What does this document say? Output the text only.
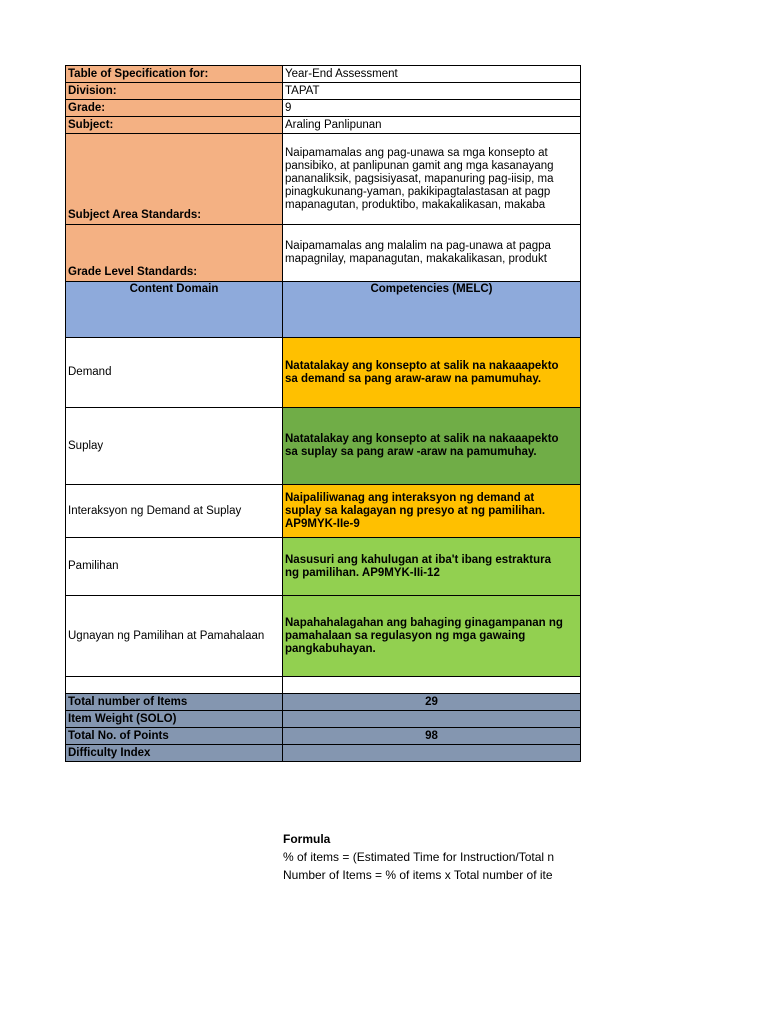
Table of Specification for:	Year-End Assessment
Division:	TAPAT
Grade:	9
Subject:	Araling Panlipunan
Subject Area Standards:	Naipamamalas ang pag-unawa sa mga konsepto at
pansibiko, at panlipunan gamit ang mga kasanayang
pananaliksik, pagsisiyasat, mapanuring pag-iisip, ma
pinagkukunang-yaman, pakikipagtalastasan at pagp
mapanagutan, produktibo, makakalikasan, makaba

Grade Level Standards:	Naipamamalas ang malalim na pag-unawa at pagpa
mapagnilay, mapanagutan, makakalikasan, produkt

Content Domain	Competencies (MELC)
Demand	Natatalakay ang konsepto at salik na nakaaapekto
sa demand sa pang araw-araw na pamumuhay.

Suplay	Natatalakay ang konsepto at salik na nakaaapekto
sa suplay sa pang araw -araw na pamumuhay.

Interaksyon ng Demand at Suplay	Naipaliliwanag ang interaksyon ng demand at
suplay sa kalagayan ng presyo at ng pamilihan.
AP9MYK-IIe-9

Pamilihan	Nasusuri ang kahulugan at iba't ibang estraktura
ng pamilihan. AP9MYK-IIi-12

Ugnayan ng Pamilihan at Pamahalaan	Napahahalagahan ang bahaging ginagampanan ng
pamahalaan sa regulasyon ng mga gawaing
pangkabuhayan.

Total number of Items	29
Item Weight (SOLO)	
Total No. of Points	98
Difficulty Index	
Formula
% of items = (Estimated Time for Instruction/Total n
Number of Items = % of items x Total number of ite
